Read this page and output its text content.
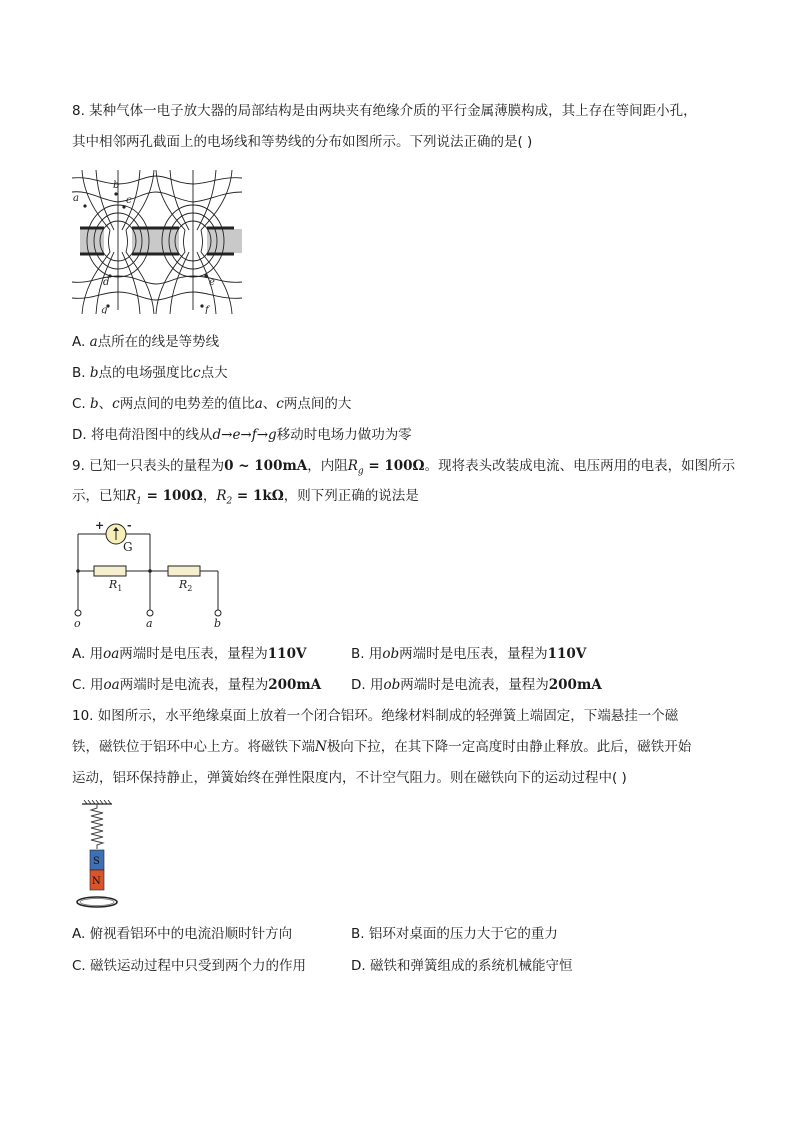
8. 某种气体一电子放大器的局部结构是由两块夹有绝缘介质的平行金属薄膜构成，其上存在等间距小孔，
其中相邻两孔截面上的电场线和等势线的分布如图所示。下列说法正确的是( )
a
b
c
d	e
f
g
A. a点所在的线是等势线
B. b点的电场强度比c点大
C. b、c两点间的电势差的值比a、c两点间的大
D. 将电荷沿图中的线从d→e→f→g移动时电场力做功为零
9. 已知一只表头的量程为0 ~ 100mA，内阻$R_g = 100\Omega$。现将表头改装成电流、电压两用的电表，如图所示
示，已知$R_1 = 100\Omega$，$R_2 = 1k\Omega$，则下列正确的说法是
+ -
G
$R_1$	$R_2$
o	a	b
A. 用oa两端时是电压表，量程为110V	B. 用ob两端时是电压表，量程为110V
C. 用oa两端时是电流表，量程为200mA D. 用ob两端时是电流表，量程为200mA
10. 如图所示，水平绝缘桌面上放着一个闭合铝环。绝缘材料制成的轻弹簧上端固定，下端悬挂一个磁
铁，磁铁位于铝环中心上方。将磁铁下端N极向下拉，在其下降一定高度时由静止释放。此后，磁铁开始
运动，铝环保持静止，弹簧始终在弹性限度内，不计空气阻力。则在磁铁向下的运动过程中( )
S
N
A. 俯视看铝环中的电流沿顺时针方向	B. 铝环对桌面的压力大于它的重力
C. 磁铁运动过程中只受到两个力的作用	D. 磁铁和弹簧组成的系统机械能守恒
